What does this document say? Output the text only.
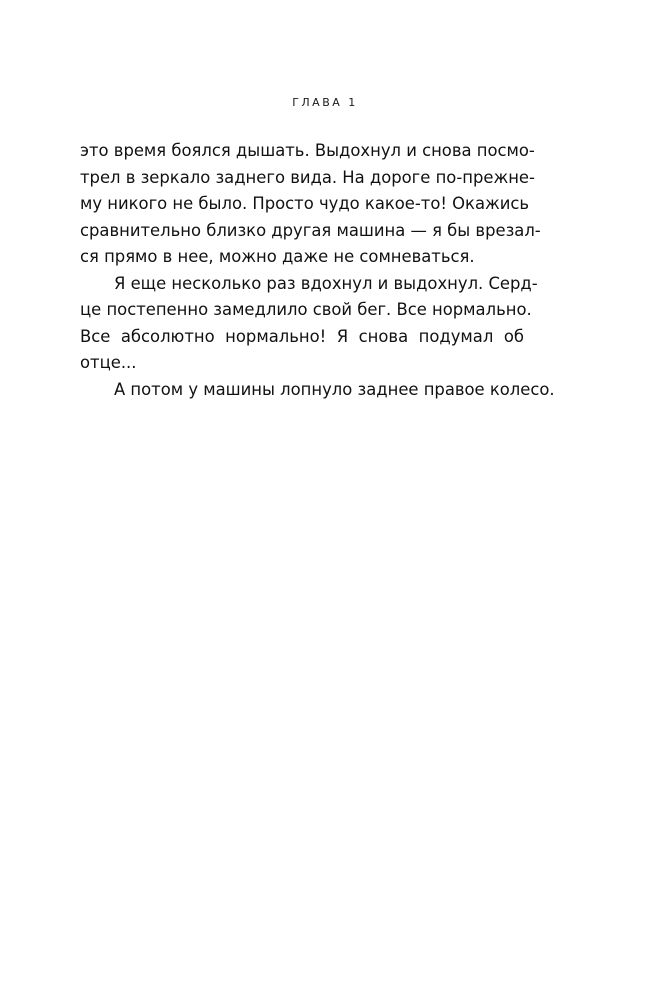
ГЛАВА 1
это время боялся дышать. Выдохнул и снова посмо-
трел в зеркало заднего вида. На дороге по-прежне-
му никого не было. Просто чудо какое-то! Окажись
сравнительно близко другая машина — я бы врезал-
ся прямо в нее, можно даже не сомневаться.
Я еще несколько раз вдохнул и выдохнул. Серд-
це постепенно замедлило свой бег. Все нормально.
Все абсолютно нормально! Я снова подумал об
отце...
А потом у машины лопнуло заднее правое колесо.
